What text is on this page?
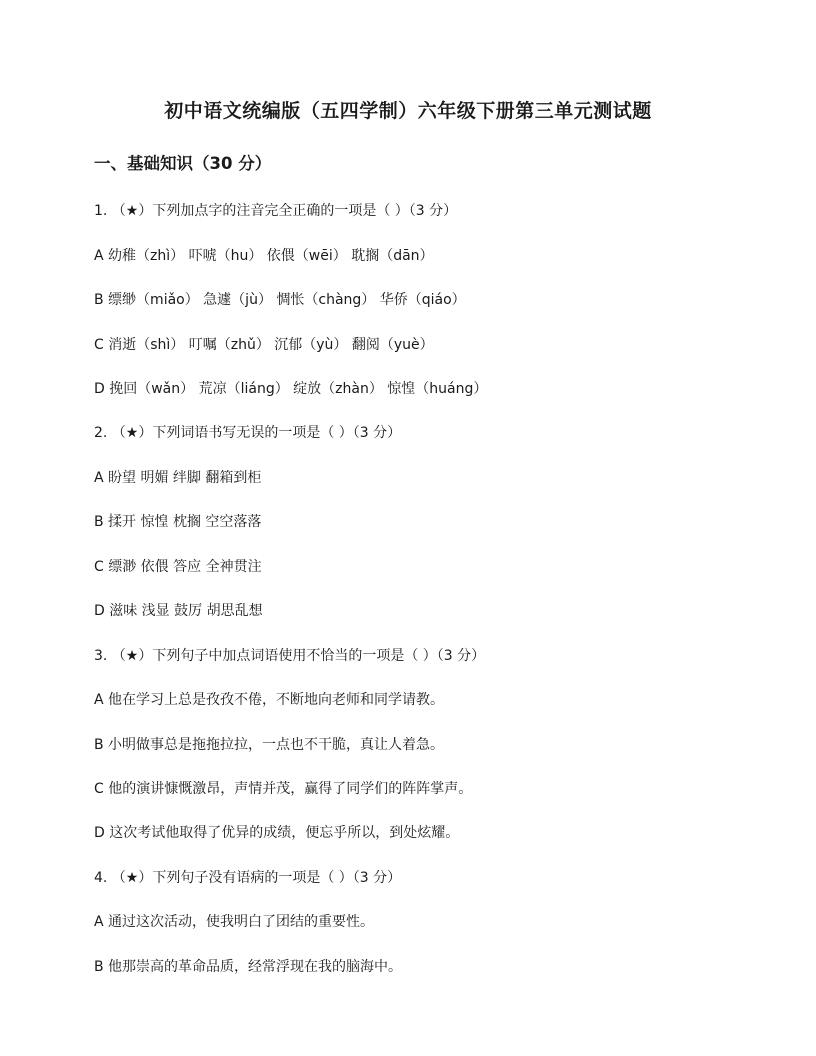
初中语文统编版（五四学制）六年级下册第三单元测试题
一、基础知识（30 分）
1. （★）下列加点字的注音完全正确的一项是（ ）（3 分）
A 幼稚（zhì） 吓唬（hu） 依偎（wēi） 耽搁（dān）
B 缥缈（miǎo） 急遽（jù） 惆怅（chàng） 华侨（qiáo）
C 消逝（shì） 叮嘱（zhǔ） 沉郁（yù） 翻阅（yuè）
D 挽回（wǎn） 荒凉（liáng） 绽放（zhàn） 惊惶（huáng）
2. （★）下列词语书写无误的一项是（ ）（3 分）
A 盼望 明媚 绊脚 翻箱到柜
B 揉开 惊惶 枕搁 空空落落
C 缥渺 依偎 答应 全神贯注
D 滋味 浅显 鼓厉 胡思乱想
3. （★）下列句子中加点词语使用不恰当的一项是（ ）（3 分）
A 他在学习上总是孜孜不倦，不断地向老师和同学请教。
B 小明做事总是拖拖拉拉，一点也不干脆，真让人着急。
C 他的演讲慷慨激昂，声情并茂，赢得了同学们的阵阵掌声。
D 这次考试他取得了优异的成绩，便忘乎所以，到处炫耀。
4. （★）下列句子没有语病的一项是（ ）（3 分）
A 通过这次活动，使我明白了团结的重要性。
B 他那崇高的革命品质，经常浮现在我的脑海中。
